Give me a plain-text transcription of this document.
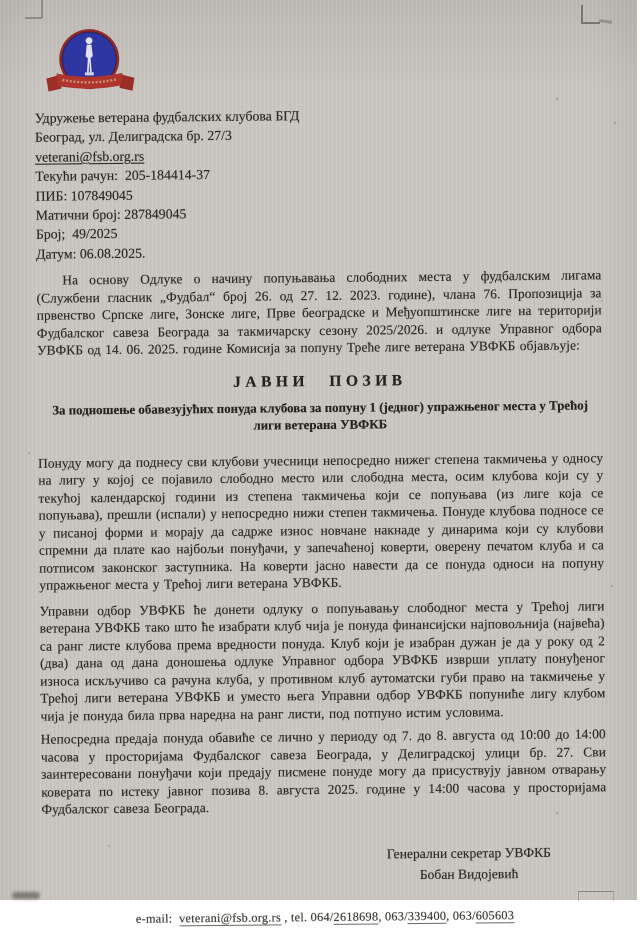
Удружење ветерана фудбалских клубова БГД
Београд, ул. Делиградска бр. 27/3
veterani@fsb.org.rs
Текући рачун:  205-184414-37
ПИБ: 107849045
Матични број: 287849045
Број;  49/2025
Датум: 06.08.2025.

На основу Одлуке о начину попуњавања слободних места у фудбалским лигама (Службени гласник „Фудбал“ број 26. од 27. 12. 2023. године), члана 76. Пропозиција за првенство Српске лиге, Зонске лиге, Прве београдске и Међуопштинске лиге на територији Фудбалског савеза Београда за такмичарску сезону 2025/2026. и одлуке Управног одбора УВФКБ од 14. 06. 2025. године Комисија за попуну Треће лиге ветерана УВФКБ објављује:

ЈАВНИ ПОЗИВ
За подношење обавезујућих понуда клубова за попуну 1 (једног) упражњеног места у Трећој лиги ветерана УВФКБ

Понуду могу да поднесу сви клубови учесници непосредно нижег степена такмичења у односу на лигу у којој се појавило слободно место или слободна места, осим клубова који су у текућој календарској години из степена такмичења који се попуњава (из лиге која се попуњава), прешли (испали) у непосредно нижи степен такмичења. Понуде клубова подносе се у писаној форми и морају да садрже износ новчане накнаде у динарима који су клубови спремни да плате као најбољи понуђачи, у запечаћеној коверти, оверену печатом клуба и са потписом законског заступника. На коверти јасно навести да се понуда односи на попуну упражњеног места у Трећој лиги ветерана УВФКБ.

Управни одбор УВФКБ ће донети одлуку о попуњавању слободног места у Трећој лиги ветерана УВФКБ тако што ће изабрати клуб чија је понуда финансијски најповољнија (највећа) са ранг листе клубова према вредности понуда. Клуб који је изабран дужан је да у року од 2 (два) дана од дана доношења одлуке Управног одбора УВФКБ изврши уплату понуђеног износа искључиво са рачуна клуба, у противном клуб аутоматски губи право на такмичење у Трећој лиги ветерана УВФКБ и уместо њега Управни одбор УВФКБ попуниће лигу клубом чија је понуда била прва наредна на ранг листи, под потпуно истим условима.

Непосредна предаја понуда обавиће се лично у периоду од 7. до 8. августа од 10:00 до 14:00 часова у просторијама Фудбалског савеза Београда, у Делиградској улици бр. 27. Сви заинтересовани понуђачи који предају писмене понуде могу да присуствују јавном отварању коверата по истеку јавног позива 8. августа 2025. године у 14:00 часова у просторијама Фудбалског савеза Београда.

Генерални секретар УВФКБ
Бобан Видојевић
e-mail:  veterani@fsb.org.rs , tel. 064/2618698, 063/339400, 063/605603
